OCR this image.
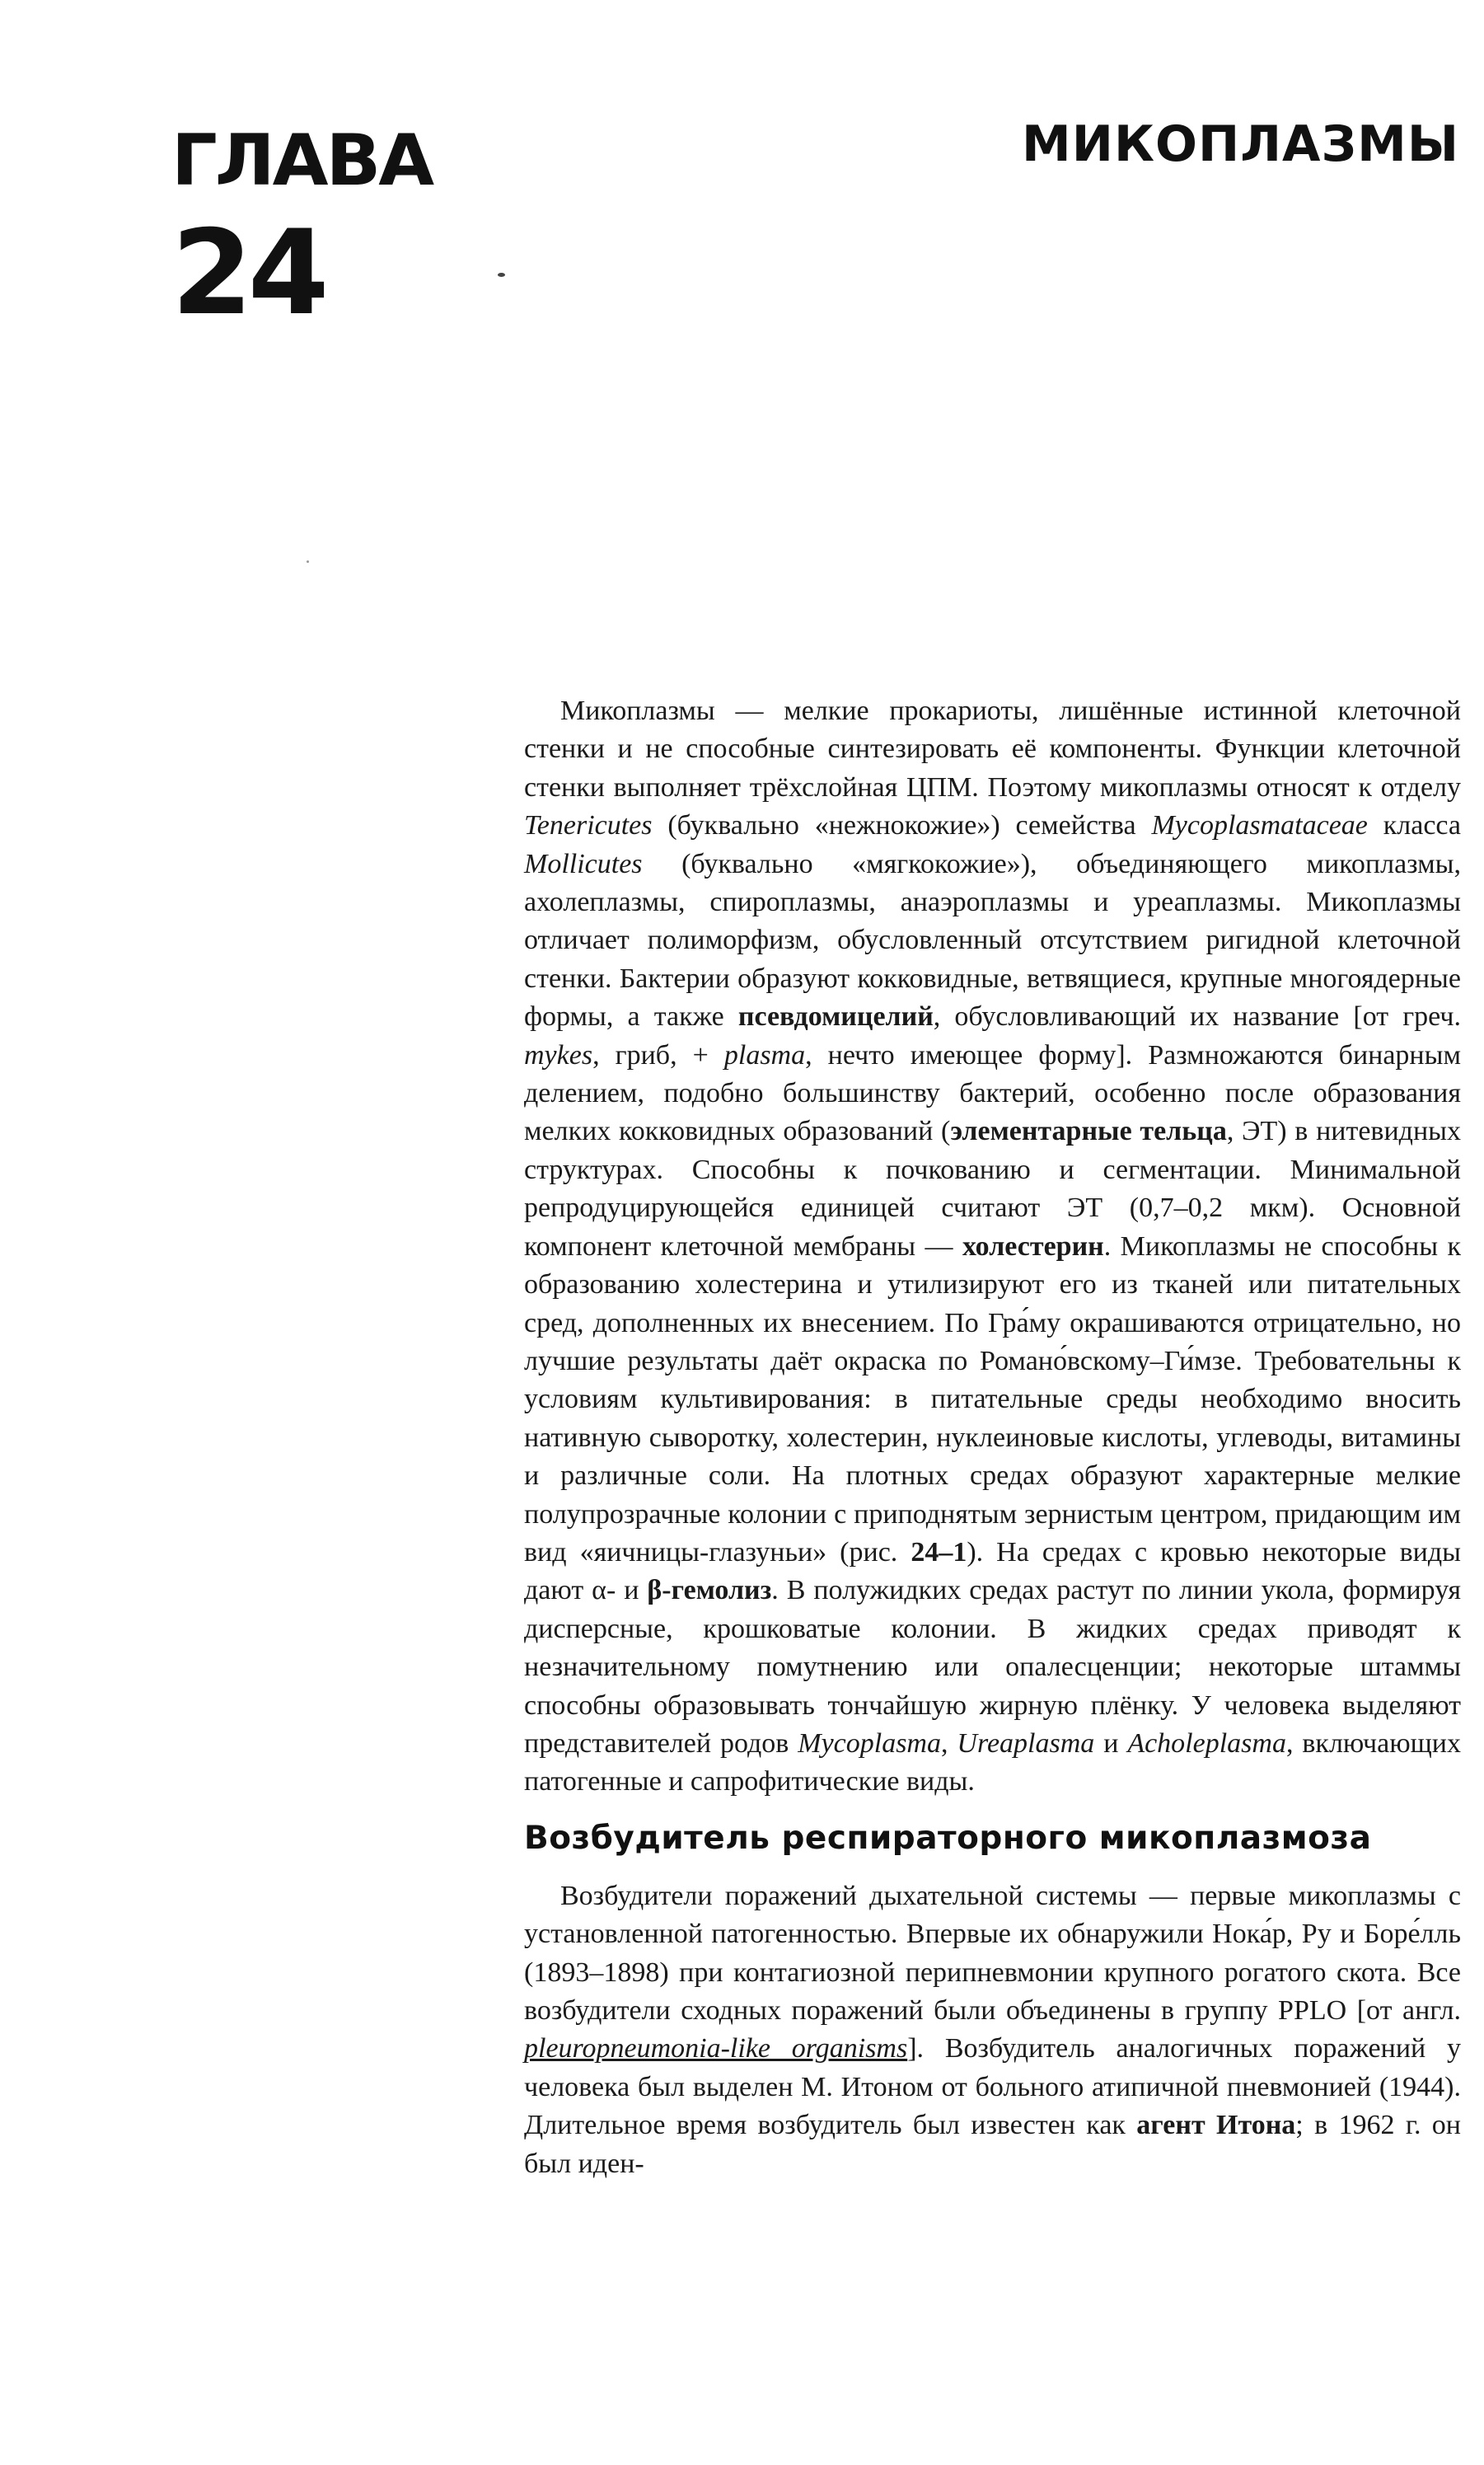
ГЛАВА
24
МИКОПЛАЗМЫ

Микоплазмы — мелкие прокариоты, лишённые истинной клеточной стенки и не способные синтезировать её компоненты. Функции клеточной стенки выполняет трёхслойная ЦПМ. Поэтому микоплазмы относят к отделу Tenericutes (буквально «нежнокожие») семейства Mycoplasmataceae класса Mollicutes (буквально «мягкокожие»), объединяющего микоплазмы, ахолеплазмы, спироплазмы, анаэроплазмы и уреаплазмы. Микоплазмы отличает полиморфизм, обусловленный отсутствием ригидной клеточной стенки. Бактерии образуют кокковидные, ветвящиеся, крупные многоядерные формы, а также псевдомицелий, обусловливающий их название [от греч. mykes, гриб, + plasma, нечто имеющее форму]. Размножаются бинарным делением, подобно большинству бактерий, особенно после образования мелких кокковидных образований (элементарные тельца, ЭТ) в нитевидных структурах. Способны к почкованию и сегментации. Минимальной репродуцирующейся единицей считают ЭТ (0,7–0,2 мкм). Основной компонент клеточной мембраны — холестерин. Микоплазмы не способны к образованию холестерина и утилизируют его из тканей или питательных сред, дополненных их внесением. По Гра́му окрашиваются отрицательно, но лучшие результаты даёт окраска по Романо́вскому–Ги́мзе. Требовательны к условиям культивирования: в питательные среды необходимо вносить нативную сыворотку, холестерин, нуклеиновые кислоты, углеводы, витамины и различные соли. На плотных средах образуют характерные мелкие полупрозрачные колонии с приподнятым зернистым центром, придающим им вид «яичницы-глазуньи» (рис. 24–1). На средах с кровью некоторые виды дают α- и β-гемолиз. В полужидких средах растут по линии укола, формируя дисперсные, крошковатые колонии. В жидких средах приводят к незначительному помутнению или опалесценции; некоторые штаммы способны образовывать тончайшую жирную плёнку. У человека выделяют представителей родов Mycoplasma, Ureaplasma и Acholeplasma, включающих патогенные и сапрофитические виды.

Возбудитель респираторного микоплазмоза

Возбудители поражений дыхательной системы — первые микоплазмы с установленной патогенностью. Впервые их обнаружили Нока́р, Ру и Боре́лль (1893–1898) при контагиозной перипневмонии крупного рогатого скота. Все возбудители сходных поражений были объединены в группу PPLO [от англ. pleuropneumonia-like organisms]. Возбудитель аналогичных поражений у человека был выделен М. Итоном от больного атипичной пневмонией (1944). Длительное время возбудитель был известен как агент Итона; в 1962 г. он был иден-
